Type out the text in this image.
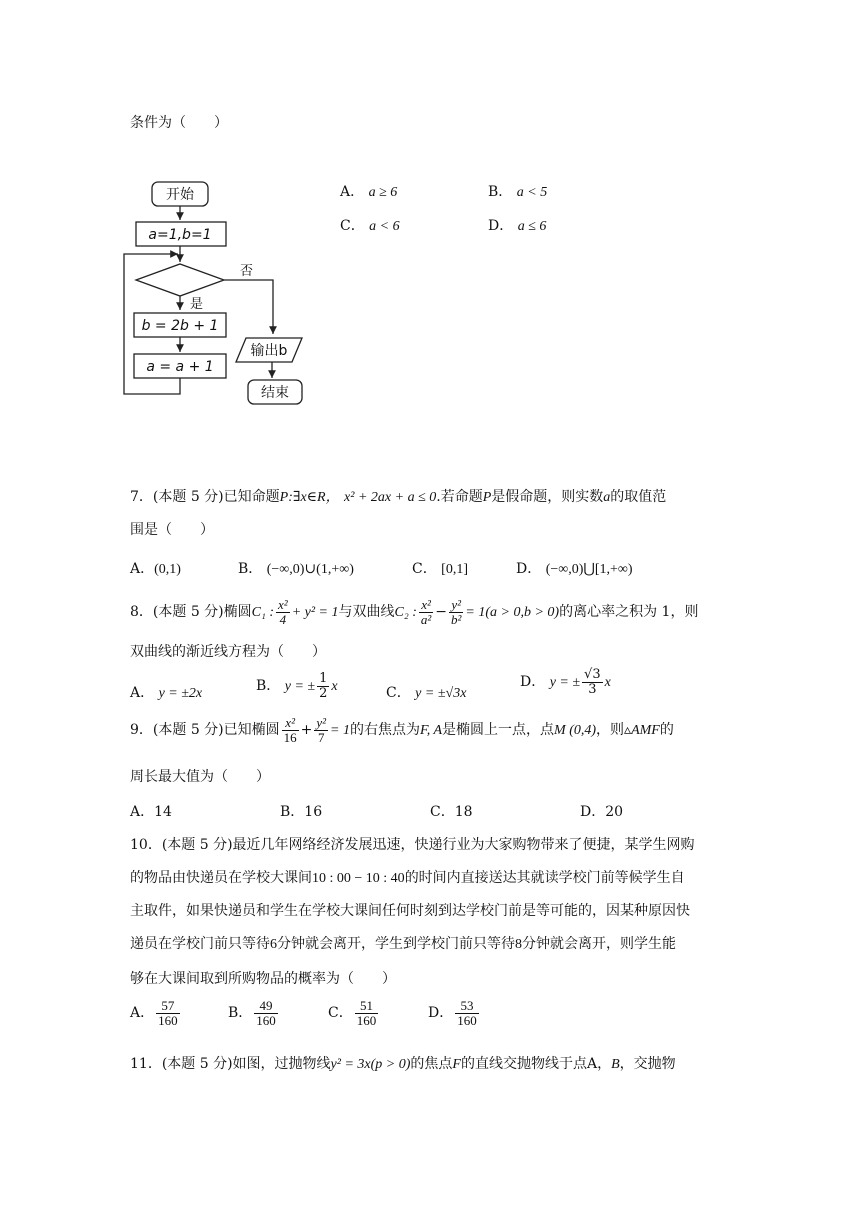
条件为（　　）
开始
a=1,b=1
否
是
b = 2b + 1
a = a + 1
输出b
结束
A． a ≥ 6	B． a < 5
C． a < 6	D． a ≤ 6
7．(本题 5 分)已知命题P:∃x∈R， x² + 2ax + a ≤ 0.若命题P是假命题，则实数a的取值范
围是（　　）
A．(0,1)	B． (−∞,0)∪(1,+∞)	C． [0,1]	D． (−∞,0)⋃[1,+∞)
8．(本题 5 分)椭圆C₁ : $\frac{\text{x²}}{4} + y^2 = 1$与双曲线C₂ : $\frac{\text{x²}}{\text{a²}} - \frac{\text{y²}}{\text{b²}} = 1(a > 0,b > 0)$的离心率之积为 1，则
双曲线的渐近线方程为（　　）
A． y = ±2x	B． y = ± $\frac{1}{2}$ x	C． y = ±√3x
D． y = ± $\frac{√3}{3}$ x
9．(本题 5 分)已知椭圆 $\frac{\text{x²}}{16} + \frac{\text{y²}}{7} = 1$的右焦点为F, A是椭圆上一点，点M (0,4)，则▵AMF的
周长最大值为（　　）
A．14	B．16	C．18	D．20
10．(本题 5 分)最近几年网络经济发展迅速，快递行业为大家购物带来了便捷，某学生网购
的物品由快递员在学校大课间10 : 00 − 10 : 40的时间内直接送达其就读学校门前等候学生自
主取件，如果快递员和学生在学校大课间任何时刻到达学校门前是等可能的，因某种原因快
递员在学校门前只等待6分钟就会离开，学生到学校门前只等待8分钟就会离开，则学生能
够在大课间取到所购物品的概率为（　　）
A． $\frac{57}{160}$	B． $\frac{49}{160}$	C． $\frac{51}{160}$	D． $\frac{53}{160}$
11．(本题 5 分)如图，过抛物线y² = 3x(p > 0)的焦点F的直线交抛物线于点A，B，交抛物
